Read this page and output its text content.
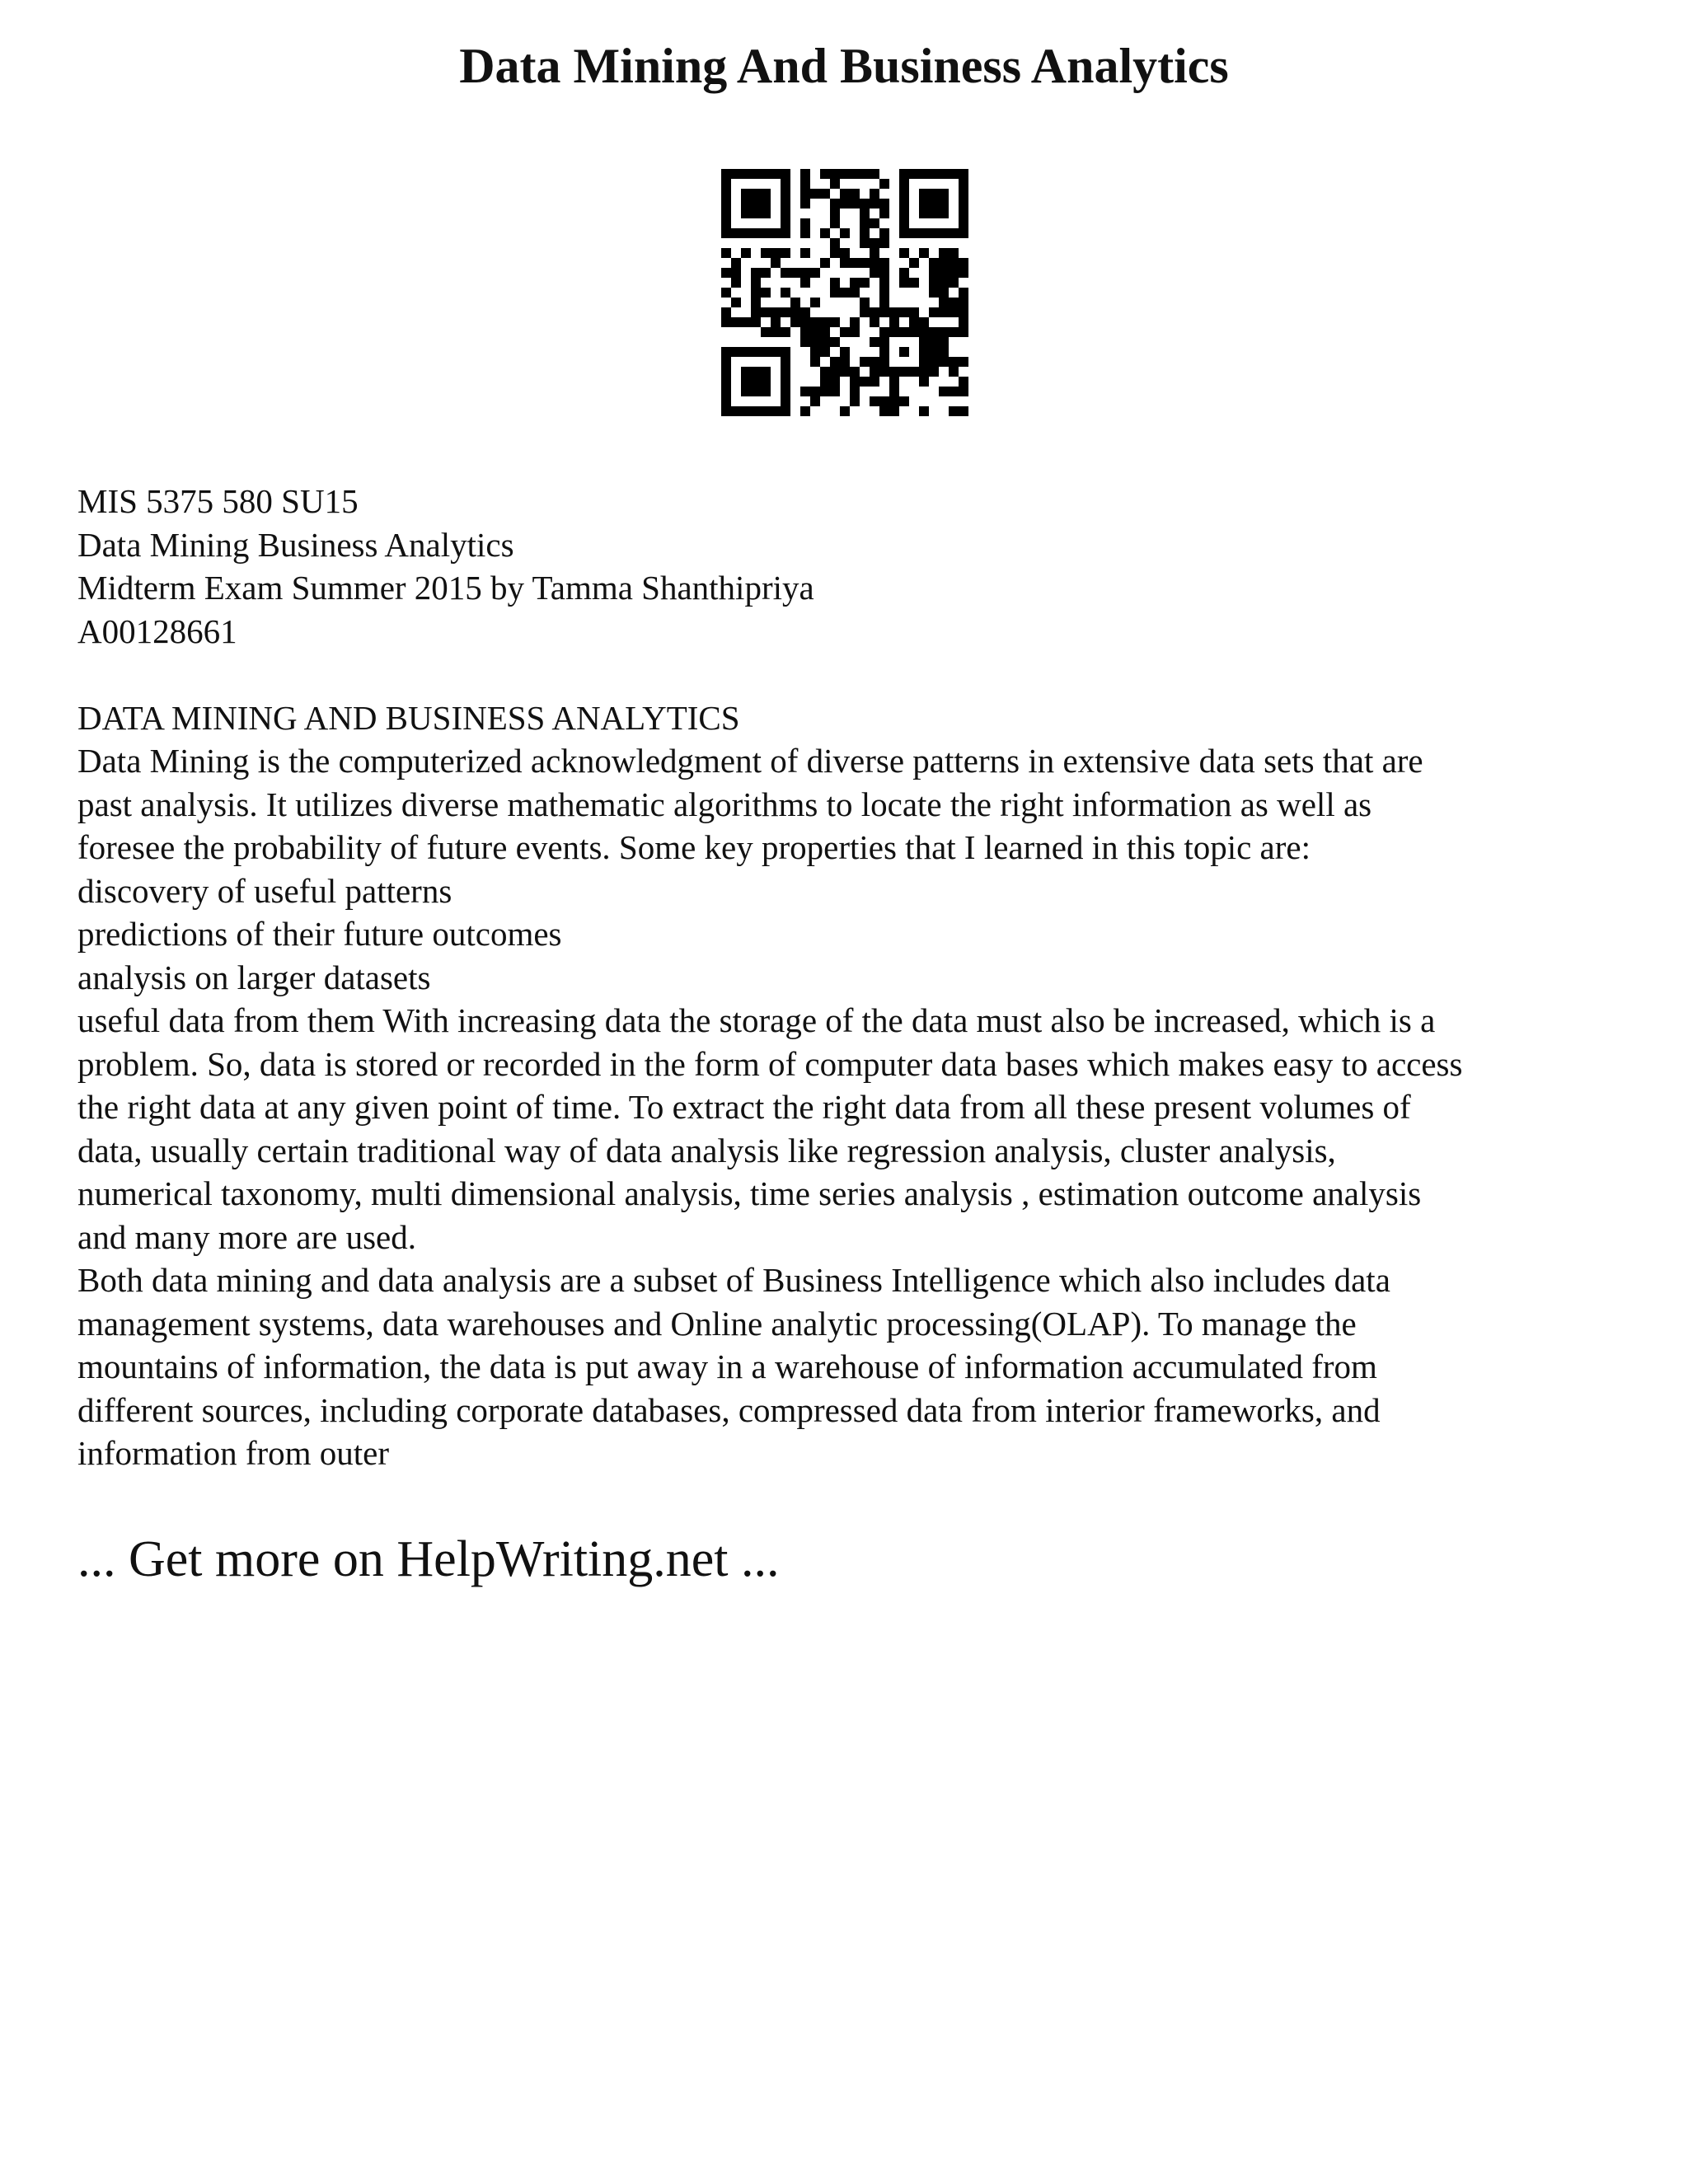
Data Mining And Business Analytics
MIS 5375 580 SU15
Data Mining Business Analytics
Midterm Exam Summer 2015 by Tamma Shanthipriya
A00128661
DATA MINING AND BUSINESS ANALYTICS
Data Mining is the computerized acknowledgment of diverse patterns in extensive data sets that are
past analysis. It utilizes diverse mathematic algorithms to locate the right information as well as
foresee the probability of future events. Some key properties that I learned in this topic are:
discovery of useful patterns
predictions of their future outcomes
analysis on larger datasets
useful data from them With increasing data the storage of the data must also be increased, which is a
problem. So, data is stored or recorded in the form of computer data bases which makes easy to access
the right data at any given point of time. To extract the right data from all these present volumes of
data, usually certain traditional way of data analysis like regression analysis, cluster analysis,
numerical taxonomy, multi dimensional analysis, time series analysis , estimation outcome analysis
and many more are used.
Both data mining and data analysis are a subset of Business Intelligence which also includes data
management systems, data warehouses and Online analytic processing(OLAP). To manage the
mountains of information, the data is put away in a warehouse of information accumulated from
different sources, including corporate databases, compressed data from interior frameworks, and
information from outer
... Get more on HelpWriting.net ...
